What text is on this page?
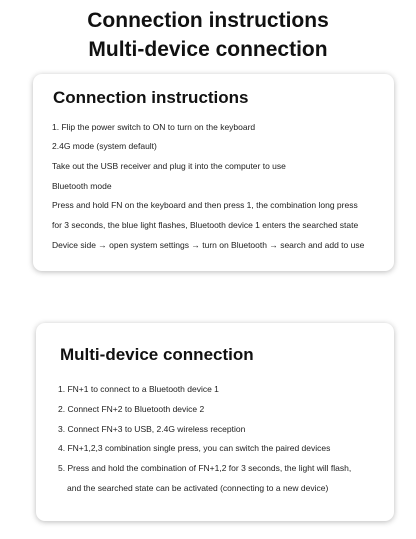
Connection instructions
Multi-device connection
Connection instructions
1. Flip the power switch to ON to turn on the keyboard
2.4G mode (system default)
Take out the USB receiver and plug it into the computer to use
Bluetooth mode
Press and hold FN on the keyboard and then press 1, the combination long press
for 3 seconds, the blue light flashes, Bluetooth device 1 enters the searched state
Device side → open system settings → turn on Bluetooth → search and add to use
Multi-device connection
1. FN+1 to connect to a Bluetooth device 1
2. Connect FN+2 to Bluetooth device 2
3. Connect FN+3 to USB, 2.4G wireless reception
4. FN+1,2,3 combination single press, you can switch the paired devices
5. Press and hold the combination of FN+1,2 for 3 seconds, the light will flash,
and the searched state can be activated (connecting to a new device)
